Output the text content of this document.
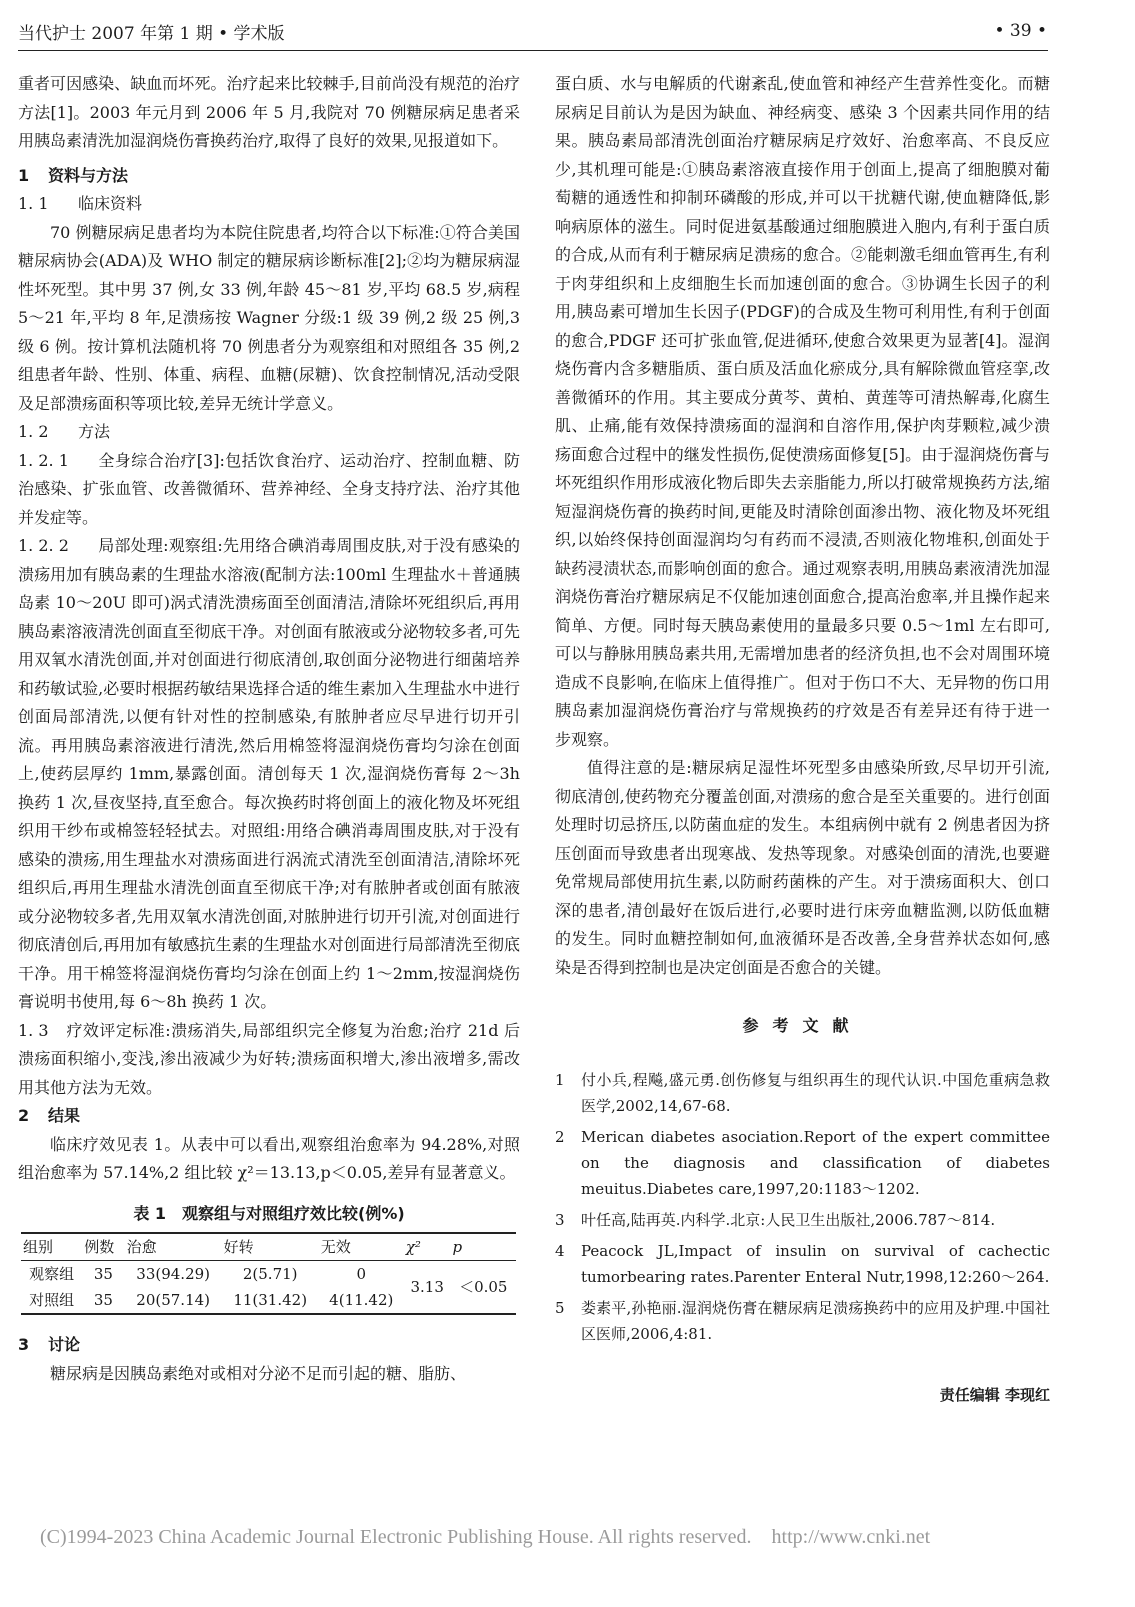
当代护士 2007 年第 1 期 • 学术版	• 39 •

重者可因感染、缺血而坏死。治疗起来比较棘手,目前尚没有规范的治疗方法[1]。2003 年元月到 2006 年 5 月,我院对 70 例糖尿病足患者采用胰岛素清洗加湿润烧伤膏换药治疗,取得了良好的效果,见报道如下。

1 资料与方法

1. 1 临床资料

70 例糖尿病足患者均为本院住院患者,均符合以下标准:①符合美国糖尿病协会(ADA)及 WHO 制定的糖尿病诊断标准[2];②均为糖尿病湿性坏死型。其中男 37 例,女 33 例,年龄 45～81 岁,平均 68.5 岁,病程 5～21 年,平均 8 年,足溃疡按 Wagner 分级:1 级 39 例,2 级 25 例,3 级 6 例。按计算机法随机将 70 例患者分为观察组和对照组各 35 例,2 组患者年龄、性别、体重、病程、血糖(尿糖)、饮食控制情况,活动受限及足部溃疡面积等项比较,差异无统计学意义。

1. 2 方法

1. 2. 1 全身综合治疗[3]:包括饮食治疗、运动治疗、控制血糖、防治感染、扩张血管、改善微循环、营养神经、全身支持疗法、治疗其他并发症等。

1. 2. 2 局部处理:观察组:先用络合碘消毒周围皮肤,对于没有感染的溃疡用加有胰岛素的生理盐水溶液(配制方法:100ml 生理盐水＋普通胰岛素 10～20U 即可)涡式清洗溃疡面至创面清洁,清除坏死组织后,再用胰岛素溶液清洗创面直至彻底干净。对创面有脓液或分泌物较多者,可先用双氧水清洗创面,并对创面进行彻底清创,取创面分泌物进行细菌培养和药敏试验,必要时根据药敏结果选择合适的维生素加入生理盐水中进行创面局部清洗,以便有针对性的控制感染,有脓肿者应尽早进行切开引流。再用胰岛素溶液进行清洗,然后用棉签将湿润烧伤膏均匀涂在创面上,使药层厚约 1mm,暴露创面。清创每天 1 次,湿润烧伤膏每 2～3h 换药 1 次,昼夜坚持,直至愈合。每次换药时将创面上的液化物及坏死组织用干纱布或棉签轻轻拭去。对照组:用络合碘消毒周围皮肤,对于没有感染的溃疡,用生理盐水对溃疡面进行涡流式清洗至创面清洁,清除坏死组织后,再用生理盐水清洗创面直至彻底干净;对有脓肿者或创面有脓液或分泌物较多者,先用双氧水清洗创面,对脓肿进行切开引流,对创面进行彻底清创后,再用加有敏感抗生素的生理盐水对创面进行局部清洗至彻底干净。用干棉签将湿润烧伤膏均匀涂在创面上约 1～2mm,按湿润烧伤膏说明书使用,每 6～8h 换药 1 次。

1. 3 疗效评定标准:溃疡消失,局部组织完全修复为治愈;治疗 21d 后溃疡面积缩小,变浅,渗出液减少为好转;溃疡面积增大,渗出液增多,需改用其他方法为无效。

2 结果

临床疗效见表 1。从表中可以看出,观察组治愈率为 94.28%,对照组治愈率为 57.14%,2 组比较 χ²＝13.13,p＜0.05,差异有显著意义。

表 1　观察组与对照组疗效比较(例%)
组别	例数	治愈	好转	无效	χ²	p
观察组	35	33(94.29)	2(5.71)	0	3.13	＜0.05
对照组	35	20(57.14)	11(31.42)	4(11.42)		

3 讨论

糖尿病是因胰岛素绝对或相对分泌不足而引起的糖、脂肪、

蛋白质、水与电解质的代谢紊乱,使血管和神经产生营养性变化。而糖尿病足目前认为是因为缺血、神经病变、感染 3 个因素共同作用的结果。胰岛素局部清洗创面治疗糖尿病足疗效好、治愈率高、不良反应少,其机理可能是:①胰岛素溶液直接作用于创面上,提高了细胞膜对葡萄糖的通透性和抑制环磷酸的形成,并可以干扰糖代谢,使血糖降低,影响病原体的滋生。同时促进氨基酸通过细胞膜进入胞内,有利于蛋白质的合成,从而有利于糖尿病足溃疡的愈合。②能刺激毛细血管再生,有利于肉芽组织和上皮细胞生长而加速创面的愈合。③协调生长因子的利用,胰岛素可增加生长因子(PDGF)的合成及生物可利用性,有利于创面的愈合,PDGF 还可扩张血管,促进循环,使愈合效果更为显著[4]。湿润烧伤膏内含多糖脂质、蛋白质及活血化瘀成分,具有解除微血管痉挛,改善微循环的作用。其主要成分黄芩、黄柏、黄莲等可清热解毒,化腐生肌、止痛,能有效保持溃疡面的湿润和自溶作用,保护肉芽颗粒,减少溃疡面愈合过程中的继发性损伤,促使溃疡面修复[5]。由于湿润烧伤膏与坏死组织作用形成液化物后即失去亲脂能力,所以打破常规换药方法,缩短湿润烧伤膏的换药时间,更能及时清除创面渗出物、液化物及坏死组织,以始终保持创面湿润均匀有药而不浸渍,否则液化物堆积,创面处于缺药浸渍状态,而影响创面的愈合。通过观察表明,用胰岛素液清洗加湿润烧伤膏治疗糖尿病足不仅能加速创面愈合,提高治愈率,并且操作起来简单、方便。同时每天胰岛素使用的量最多只要 0.5～1ml 左右即可,可以与静脉用胰岛素共用,无需增加患者的经济负担,也不会对周围环境造成不良影响,在临床上值得推广。但对于伤口不大、无异物的伤口用胰岛素加湿润烧伤膏治疗与常规换药的疗效是否有差异还有待于进一步观察。

值得注意的是:糖尿病足湿性坏死型多由感染所致,尽早切开引流,彻底清创,使药物充分覆盖创面,对溃疡的愈合是至关重要的。进行创面处理时切忌挤压,以防菌血症的发生。本组病例中就有 2 例患者因为挤压创面而导致患者出现寒战、发热等现象。对感染创面的清洗,也要避免常规局部使用抗生素,以防耐药菌株的产生。对于溃疡面积大、创口深的患者,清创最好在饭后进行,必要时进行床旁血糖监测,以防低血糖的发生。同时血糖控制如何,血液循环是否改善,全身营养状态如何,感染是否得到控制也是决定创面是否愈合的关键。

参考文献
1	付小兵,程飚,盛元勇.创伤修复与组织再生的现代认识.中国危重病急救医学,2002,14,67-68.
2	Merican diabetes asociation.Report of the expert committee on the diagnosis and classification of diabetes meuitus.Diabetes care,1997,20:1183～1202.
3	叶任高,陆再英.内科学.北京:人民卫生出版社,2006.787～814.
4	Peacock JL,Impact of insulin on survival of cachectic tumorbearing rates.Parenter Enteral Nutr,1998,12:260～264.
5	娄素平,孙艳丽.湿润烧伤膏在糖尿病足溃疡换药中的应用及护理.中国社区医师,2006,4:81.
责任编辑 李现红
(C)1994-2023 China Academic Journal Electronic Publishing House. All rights reserved.　http://www.cnki.net
